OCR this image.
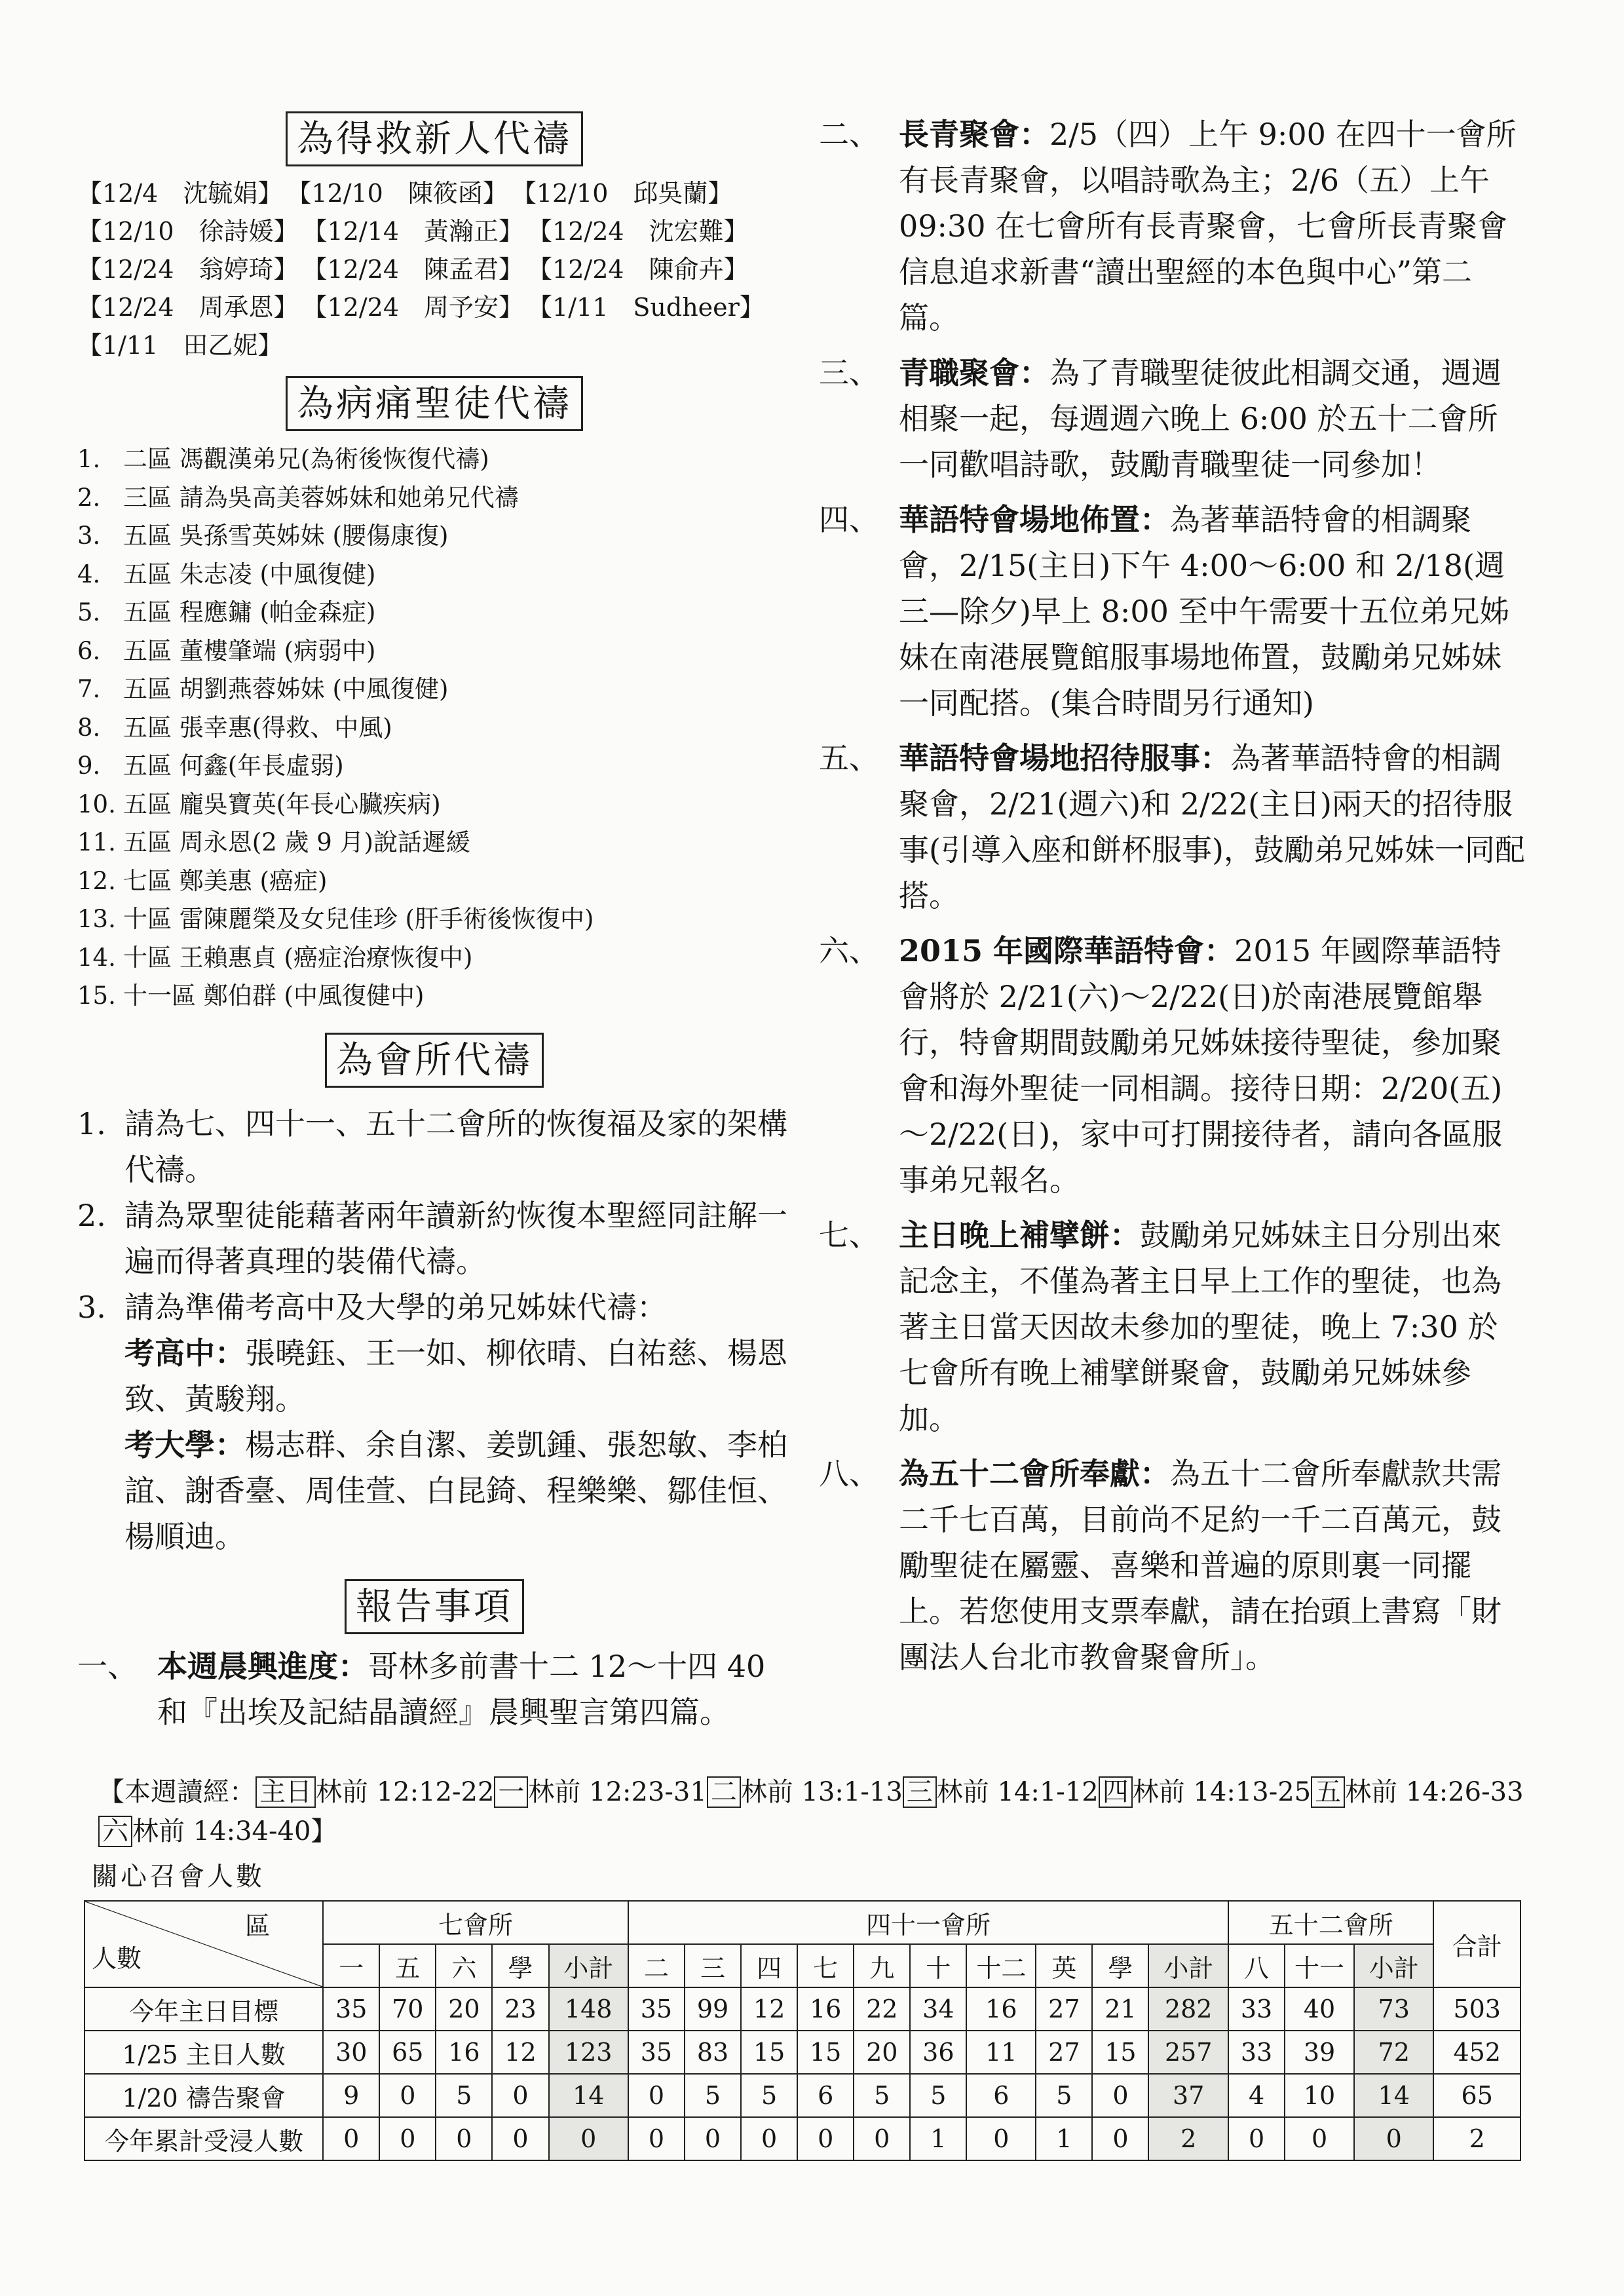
為得救新人代禱
【12/4　沈毓娟】 【12/10　陳筱函】 【12/10　邱吳蘭】
【12/10　徐詩媛】 【12/14　黃瀚正】 【12/24　沈宏難】
【12/24　翁婷琦】 【12/24　陳孟君】 【12/24　陳俞卉】
【12/24　周承恩】 【12/24　周予安】 【1/11　Sudheer】
【1/11　田乙妮】
為病痛聖徒代禱
1. 二區 馮觀漢弟兄(為術後恢復代禱)
2. 三區 請為吳高美蓉姊妹和她弟兄代禱
3. 五區 吳孫雪英姊妹 (腰傷康復)
4. 五區 朱志凌 (中風復健)
5. 五區 程應鏞 (帕金森症)
6. 五區 董樓肇端 (病弱中)
7. 五區 胡劉燕蓉姊妹 (中風復健)
8. 五區 張幸惠(得救、中風)
9. 五區 何鑫(年長虛弱)
10. 五區 龐吳寶英(年長心臟疾病)
11. 五區 周永恩(2 歲 9 月)說話遲緩
12. 七區 鄭美惠 (癌症)
13. 十區 雷陳麗榮及女兒佳珍 (肝手術後恢復中)
14. 十區 王賴惠貞 (癌症治療恢復中)
15. 十一區 鄭伯群 (中風復健中)
為會所代禱
1. 請為七、四十一、五十二會所的恢復福及家的架構代禱。
2. 請為眾聖徒能藉著兩年讀新約恢復本聖經同註解一遍而得著真理的裝備代禱。
3. 請為準備考高中及大學的弟兄姊妹代禱：
考高中：張曉鈺、王一如、柳依晴、白祐慈、楊恩致、黃駿翔。
考大學：楊志群、余自潔、姜凱鍾、張恕敏、李柏誼、謝香臺、周佳萱、白昆錡、程樂樂、鄒佳恒、楊順迪。
報告事項
一、 本週晨興進度：哥林多前書十二 12～十四 40 和『出埃及記結晶讀經』晨興聖言第四篇。
二、 長青聚會：2/5（四）上午 9:00 在四十一會所有長青聚會，以唱詩歌為主；2/6（五）上午 09:30 在七會所有長青聚會，七會所長青聚會信息追求新書“讀出聖經的本色與中心”第二篇。
三、 青職聚會：為了青職聖徒彼此相調交通，週週相聚一起，每週週六晚上 6:00 於五十二會所一同歡唱詩歌，鼓勵青職聖徒一同參加！
四、 華語特會場地佈置：為著華語特會的相調聚會，2/15(主日)下午 4:00～6:00 和 2/18(週三—除夕)早上 8:00 至中午需要十五位弟兄姊妹在南港展覽館服事場地佈置，鼓勵弟兄姊妹一同配搭。(集合時間另行通知)
五、 華語特會場地招待服事：為著華語特會的相調聚會，2/21(週六)和 2/22(主日)兩天的招待服事(引導入座和餅杯服事)，鼓勵弟兄姊妹一同配搭。
六、 2015 年國際華語特會：2015 年國際華語特會將於 2/21(六)～2/22(日)於南港展覽館舉行，特會期間鼓勵弟兄姊妹接待聖徒，參加聚會和海外聖徒一同相調。接待日期：2/20(五)～2/22(日)，家中可打開接待者，請向各區服事弟兄報名。
七、 主日晚上補擘餅：鼓勵弟兄姊妹主日分別出來記念主，不僅為著主日早上工作的聖徒，也為著主日當天因故未參加的聖徒，晚上 7:30 於七會所有晚上補擘餅聚會，鼓勵弟兄姊妹參加。
八、 為五十二會所奉獻：為五十二會所奉獻款共需二千七百萬，目前尚不足約一千二百萬元，鼓勵聖徒在屬靈、喜樂和普遍的原則裏一同擺上。若您使用支票奉獻，請在抬頭上書寫「財團法人台北市教會聚會所」。
【本週讀經： 主日 林前 12:12-22 一 林前 12:23-31 二 林前 13:1-13 三 林前 14:1-12 四 林前 14:13-25 五 林前 14:26-33六 林前 14:34-40】
關心召會人數
區
人數	七會所					四十一會所										五十二會所			合計
	一	五	六	學	小計	二	三	四	七	九	十	十二	英	學	小計	八	十一	小計	
今年主日目標	35	70	20	23	148	35	99	12	16	22	34	16	27	21	282	33	40	73	503
1/25 主日人數	30	65	16	12	123	35	83	15	15	20	36	11	27	15	257	33	39	72	452
1/20 禱告聚會	9	0	5	0	14	0	5	5	6	5	5	6	5	0	37	4	10	14	65
今年累計受浸人數	0	0	0	0	0	0	0	0	0	0	1	0	1	0	2	0	0	0	2
